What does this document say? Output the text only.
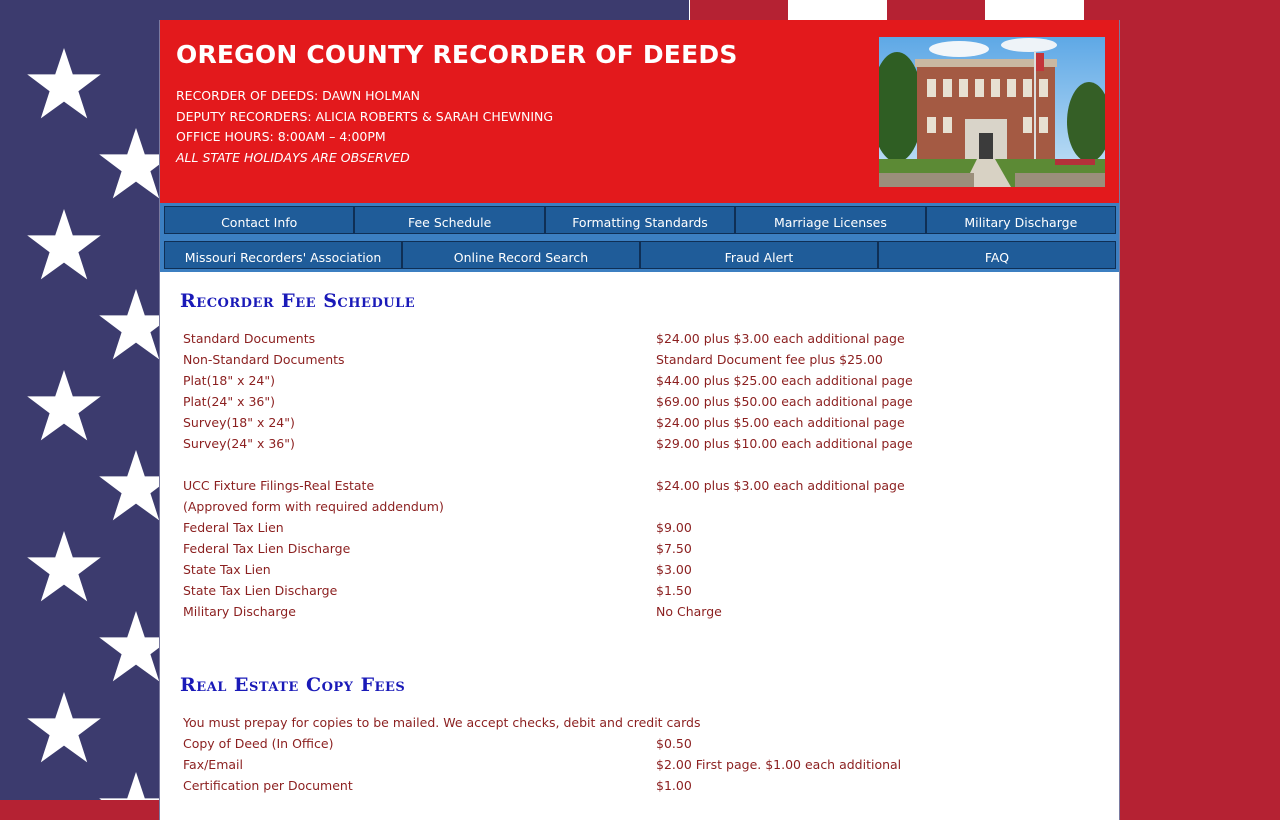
OREGON COUNTY RECORDER OF DEEDS

RECORDER OF DEEDS: DAWN HOLMAN

DEPUTY RECORDERS: ALICIA ROBERTS & SARAH CHEWNING

OFFICE HOURS: 8:00AM – 4:00PM

ALL STATE HOLIDAYS ARE OBSERVED

Contact Info	Fee Schedule	Formatting Standards	Marriage Licenses	Military Discharge
Missouri Recorders' Association	Online Record Search	Fraud Alert	FAQ
Recorder Fee Schedule
Standard Documents	$24.00 plus $3.00 each additional page
Non-Standard Documents	Standard Document fee plus $25.00
Plat(18" x 24")	$44.00 plus $25.00 each additional page
Plat(24" x 36")	$69.00 plus $50.00 each additional page
Survey(18" x 24")	$24.00 plus $5.00 each additional page
Survey(24" x 36")	$29.00 plus $10.00 each additional page

UCC Fixture Filings-Real Estate	$24.00 plus $3.00 each additional page
(Approved form with required addendum)	
Federal Tax Lien	$9.00
Federal Tax Lien Discharge	$7.50
State Tax Lien	$3.00
State Tax Lien Discharge	$1.50
Military Discharge	No Charge
Real Estate Copy Fees
You must prepay for copies to be mailed. We accept checks, debit and credit cards
Copy of Deed (In Office)	$0.50
Fax/Email	$2.00 First page. $1.00 each additional
Certification per Document	$1.00
